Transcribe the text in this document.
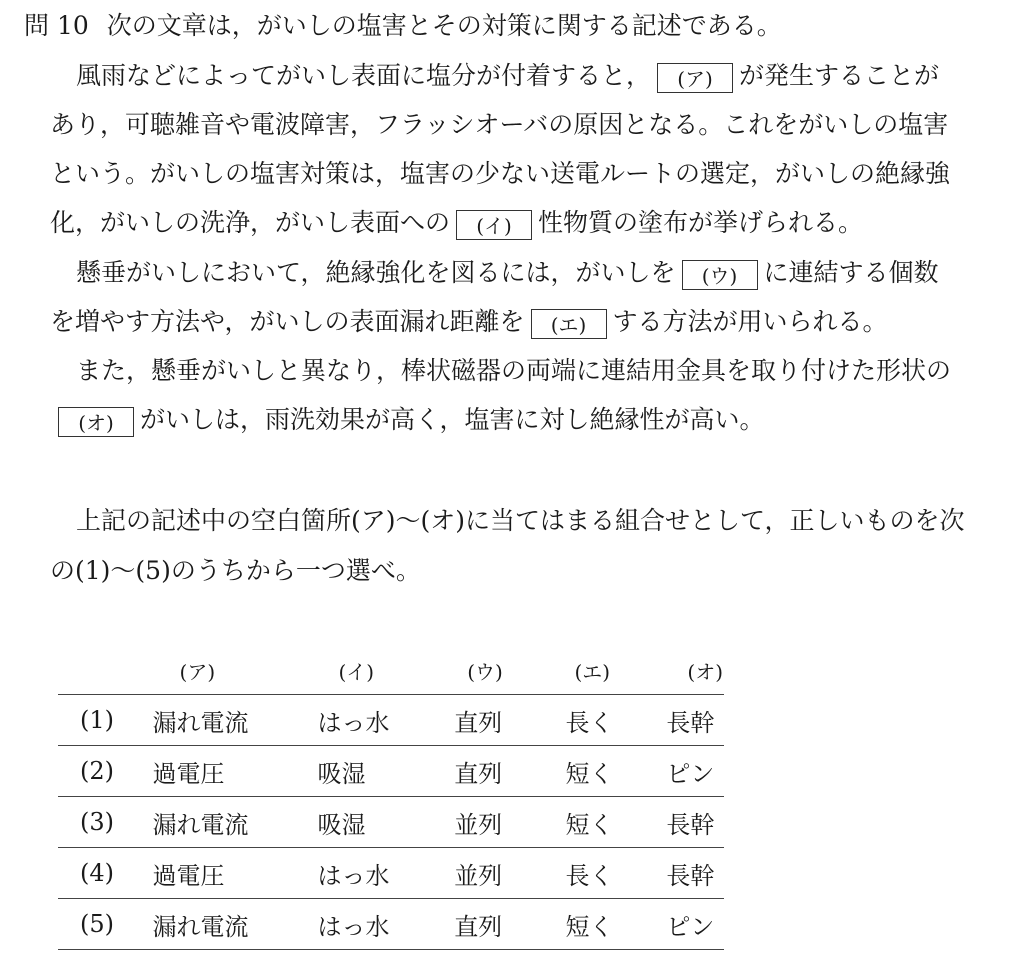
問 10 次の文章は，がいしの塩害とその対策に関する記述である。
風雨などによってがいし表面に塩分が付着すると， (ア) が発生することが
あり，可聴雑音や電波障害，フラッシオーバの原因となる。これをがいしの塩害
という。がいしの塩害対策は，塩害の少ない送電ルートの選定，がいしの絶縁強
化，がいしの洗浄，がいし表面への (イ) 性物質の塗布が挙げられる。
懸垂がいしにおいて，絶縁強化を図るには，がいしを (ウ) に連結する個数
を増やす方法や，がいしの表面漏れ距離を (エ) する方法が用いられる。
また，懸垂がいしと異なり，棒状磁器の両端に連結用金具を取り付けた形状の
(オ) がいしは，雨洗効果が高く，塩害に対し絶縁性が高い。
上記の記述中の空白箇所(ア)～(オ)に当てはまる組合せとして，正しいものを次
の(1)～(5)のうちから一つ選べ。
	(ア)	(イ)	(ウ)	(エ)	(オ)
(1)	漏れ電流	はっ水	直列	長く	長幹
(2)	過電圧	吸湿	直列	短く	ピン
(3)	漏れ電流	吸湿	並列	短く	長幹
(4)	過電圧	はっ水	並列	長く	長幹
(5)	漏れ電流	はっ水	直列	短く	ピン
